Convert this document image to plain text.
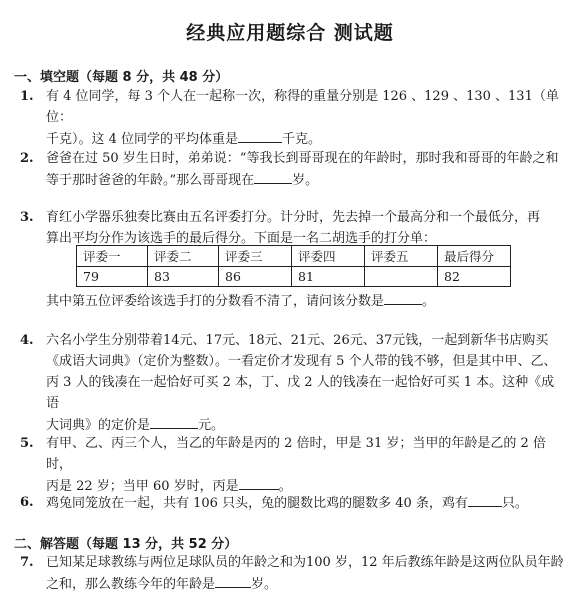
经典应用题综合 测试题
一、填空题（每题 8 分，共 48 分）
1. 有 4 位同学，每 3 个人在一起称一次，称得的重量分别是 126 、129 、130 、131（单位：
千克）。这 4 位同学的平均体重是	千克。
2. 爸爸在过 50 岁生日时，弟弟说：“等我长到哥哥现在的年龄时，那时我和哥哥的年龄之和
等于那时爸爸的年龄。”那么哥哥现在	岁。
3. 育红小学器乐独奏比赛由五名评委打分。计分时，先去掉一个最高分和一个最低分，再
算出平均分作为该选手的最后得分。下面是一名二胡选手的打分单：
评委一	评委二	评委三	评委四	评委五	最后得分
79	83	86	81		82
其中第五位评委给该选手打的分数看不清了，请问该分数是	。
4. 六名小学生分别带着14元、17元、18元、21元、26元、37元钱，一起到新华书店购买
《成语大词典》（定价为整数）。一看定价才发现有 5 个人带的钱不够，但是其中甲、乙、
丙 3 人的钱凑在一起恰好可买 2 本，丁、戊 2 人的钱凑在一起恰好可买 1 本。这种《成语
大词典》的定价是	元。
5. 有甲、乙、丙三个人，当乙的年龄是丙的 2 倍时，甲是 31 岁；当甲的年龄是乙的 2 倍时，
丙是 22 岁；当甲 60 岁时，丙是	。
6. 鸡兔同笼放在一起，共有 106 只头，兔的腿数比鸡的腿数多 40 条，鸡有	只。
二、解答题（每题 13 分，共 52 分）
7. 已知某足球教练与两位足球队员的年龄之和为100 岁，12 年后教练年龄是这两位队员年龄
之和，那么教练今年的年龄是	岁。
